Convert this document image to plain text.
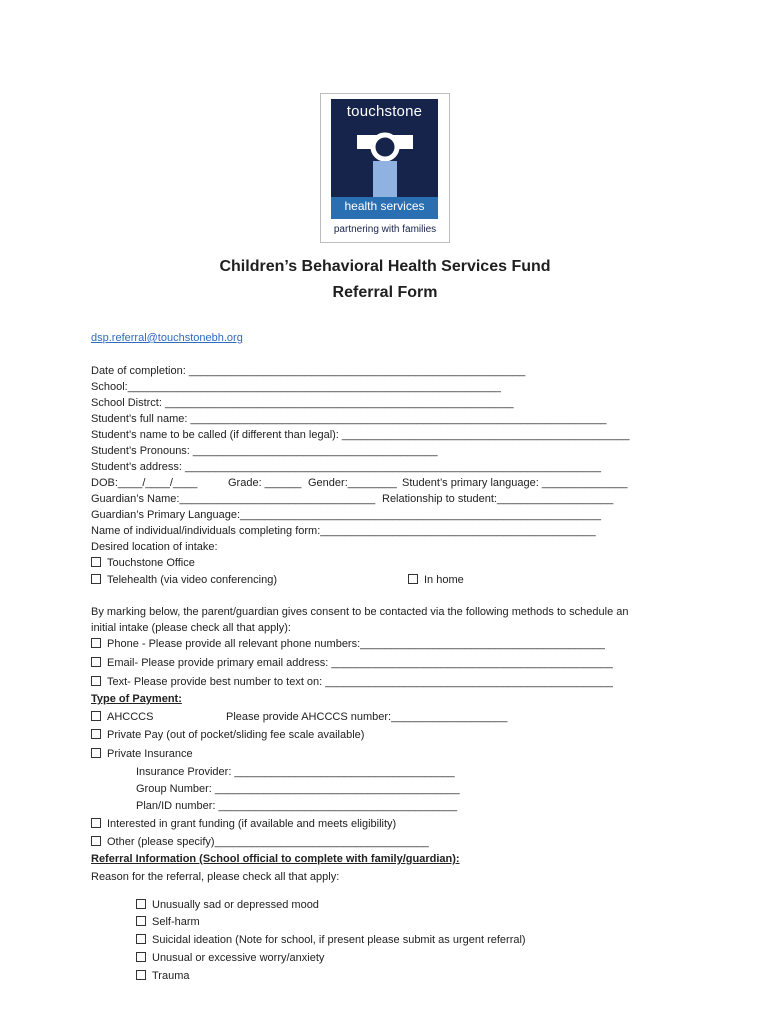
touchstone
health services
partnering with families
Children’s Behavioral Health Services Fund
Referral Form
dsp.referral@touchstonebh.org
Date of completion: _______________________________________________________
School:_____________________________________________________________
School Distrct: _________________________________________________________
Student’s full name: ____________________________________________________________________
Student’s name to be called (if different than legal): _______________________________________________
Student’s Pronouns: ________________________________________
Student’s address: ____________________________________________________________________
DOB:____/____/____	Grade: ______ Gender:________ Student’s primary language: ______________
Guardian’s Name:________________________________ Relationship to student:___________________
Guardian’s Primary Language:___________________________________________________________
Name of individual/individuals completing form:_____________________________________________
Desired location of intake:
Touchstone Office
Telehealth (via video conferencing)	In home
By marking below, the parent/guardian gives consent to be contacted via the following methods to schedule an
initial intake (please check all that apply):
Phone - Please provide all relevant phone numbers:________________________________________
Email- Please provide primary email address: ______________________________________________
Text- Please provide best number to text on: _______________________________________________
Type of Payment:
AHCCCS	Please provide AHCCCS number:___________________
Private Pay (out of pocket/sliding fee scale available)
Private Insurance
Insurance Provider: ____________________________________
Group Number: ________________________________________
Plan/ID number: _______________________________________
Interested in grant funding (if available and meets eligibility)
Other (please specify)___________________________________
Referral Information (School official to complete with family/guardian):
Reason for the referral, please check all that apply:
Unusually sad or depressed mood
Self-harm
Suicidal ideation (Note for school, if present please submit as urgent referral)
Unusual or excessive worry/anxiety
Trauma
